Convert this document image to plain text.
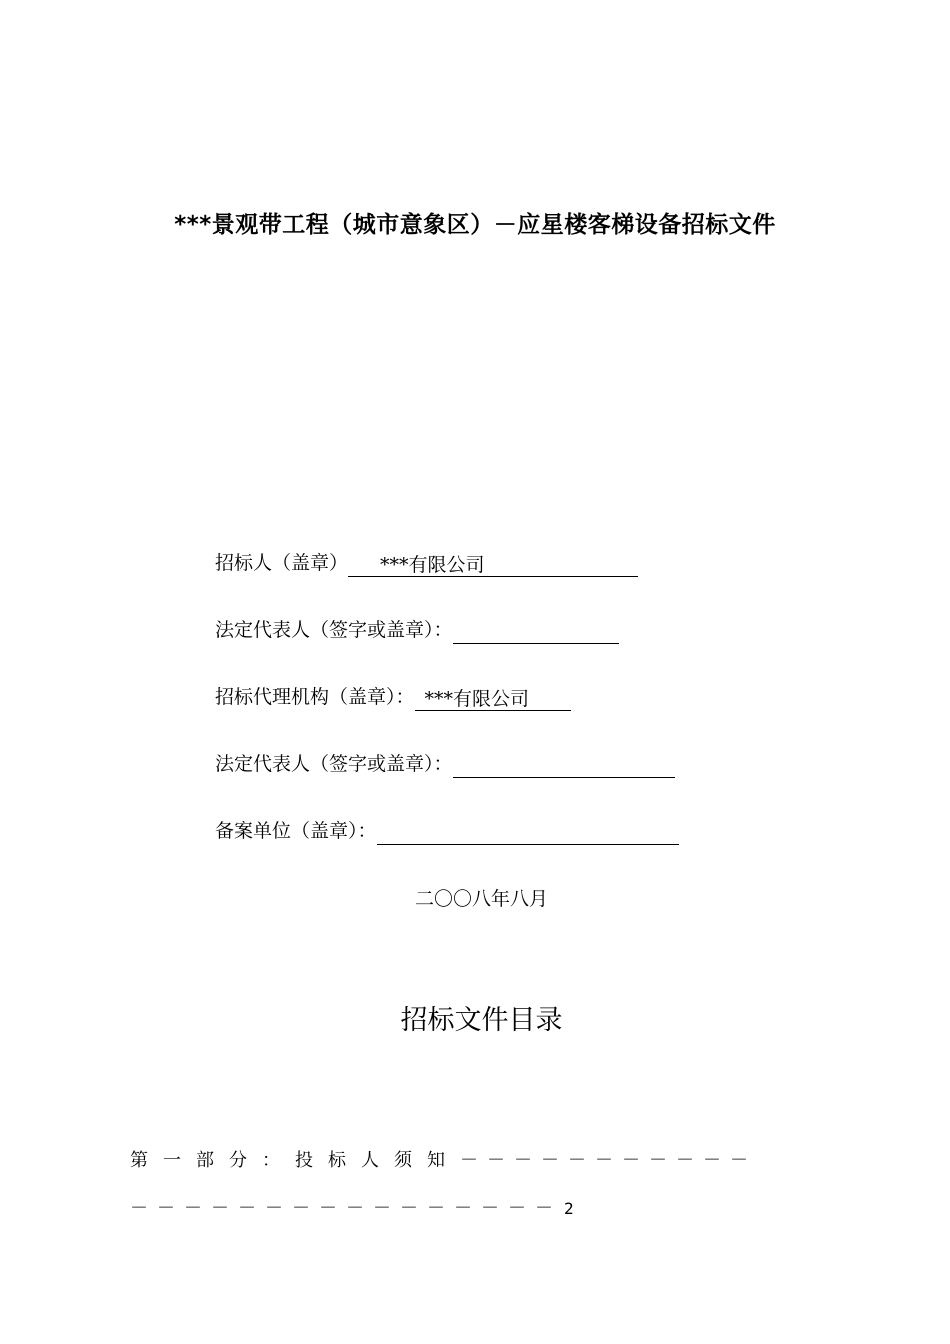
***景观带工程（城市意象区）－应星楼客梯设备招标文件
招标人（盖章）	***有限公司
法定代表人（签字或盖章）：
招标代理机构（盖章）： ***有限公司
法定代表人（签字或盖章）：
备案单位（盖章）：
二〇〇八年八月
招标文件目录
第一部分：投标人须知－－－－－－－－－－－
－－－－－－－－－－－－－－－－ 2
